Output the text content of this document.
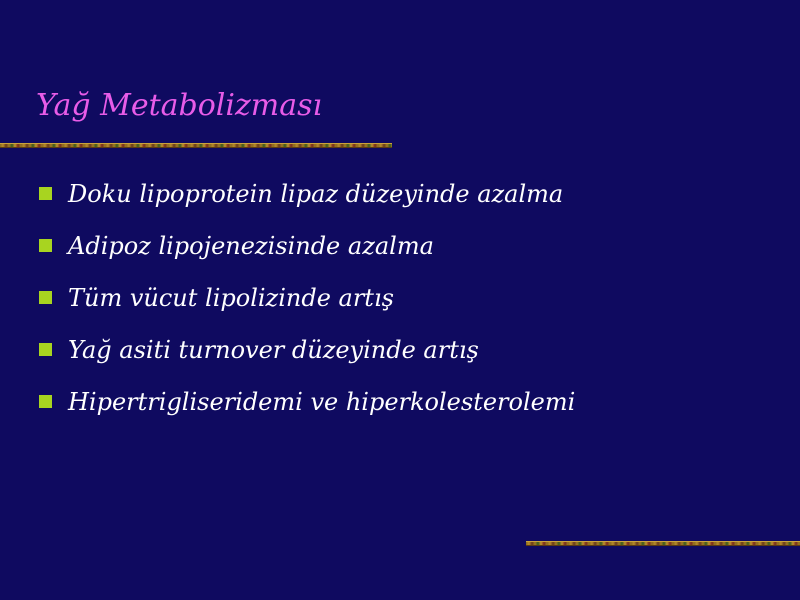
Yağ Metabolizması
Doku lipoprotein lipaz düzeyinde azalma
Adipoz lipojenezisinde azalma
Tüm vücut lipolizinde artış
Yağ asiti turnover düzeyinde artış
Hipertrigliseridemi ve hiperkolesterolemi
